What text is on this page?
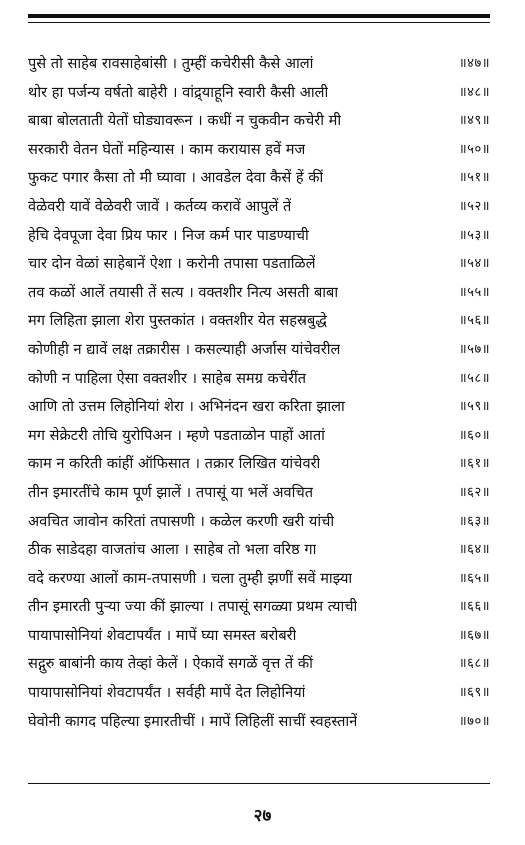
पुसे तो साहेब रावसाहेबांसी । तुम्हीं कचेरीसी कैसे आलां	॥४७॥
थोर हा पर्जन्य वर्षतो बाहेरी । वांद्र्याहूनि स्वारी कैसी आली	॥४८॥
बाबा बोलताती येतों घोड्यावरून । कधीं न चुकवीन कचेरी मी	॥४९॥
सरकारी वेतन घेतों महिन्यास । काम करायास हवें मज	॥५०॥
फुकट पगार कैसा तो मी घ्यावा । आवडेल देवा कैसें हें कीं	॥५१॥
वेळेवरी यावें वेळेवरी जावें । कर्तव्य करावें आपुलें तें	॥५२॥
हेचि देवपूजा देवा प्रिय फार । निज कर्म पार पाडण्याची	॥५३॥
चार दोन वेळां साहेबानें ऐशा । करोनी तपासा पडताळिलें	॥५४॥
तव कळों आलें तयासी तें सत्य । वक्तशीर नित्य असती बाबा	॥५५॥
मग लिहिता झाला शेरा पुस्तकांत । वक्तशीर येत सहस्रबुद्धे	॥५६॥
कोणीही न द्यावें लक्ष तक्रारीस । कसल्याही अर्जास यांचेवरील	॥५७॥
कोणी न पाहिला ऐसा वक्तशीर । साहेब समग्र कचेरींत	॥५८॥
आणि तो उत्तम लिहोनियां शेरा । अभिनंदन खरा करिता झाला	॥५९॥
मग सेक्रेटरी तोचि युरोपिअन । म्हणे पडताळोन पाहों आतां	॥६०॥
काम न करिती कांहीं ऑफिसात । तक्रार लिखित यांचेवरी	॥६१॥
तीन इमारतींचे काम पूर्ण झालें । तपासूं या भलें अवचित	॥६२॥
अवचित जावोन करितां तपासणी । कळेल करणी खरी यांची	॥६३॥
ठीक साडेदहा वाजतांच आला । साहेब तो भला वरिष्ठ गा	॥६४॥
वदे करण्या आलों काम-तपासणी । चला तुम्ही झणीं सवें माझ्या	॥६५॥
तीन इमारती पुऱ्या ज्या कीं झाल्या । तपासूं सगळ्या प्रथम त्याची	॥६६॥
पायापासोनियां शेवटापर्यंत । मापें घ्या समस्त बरोबरी	॥६७॥
सद्गुरु बाबांनी काय तेव्हां केलें । ऐकावें सगळें वृत्त तें कीं	॥६८॥
पायापासोनियां शेवटापर्यंत । सर्वही मापें देत लिहोनियां	॥६९॥
घेवोनी कागद पहिल्या इमारतीचीं । मापें लिहिलीं साचीं स्वहस्तानें	॥७०॥
२७
